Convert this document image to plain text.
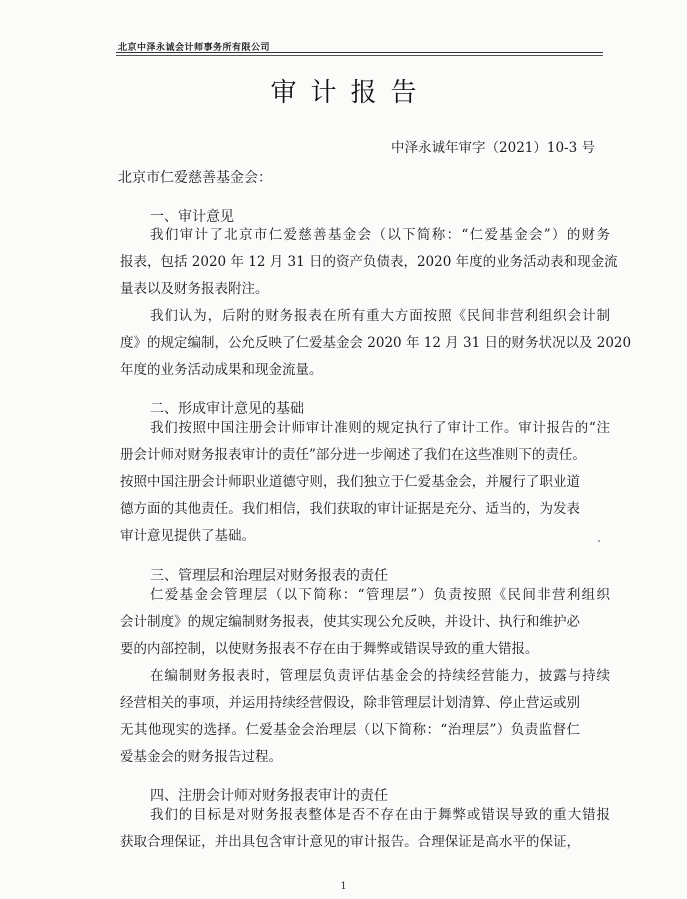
北京中泽永诚会计师事务所有限公司
审计报告
中泽永诚年审字（2021）10-3 号
北京市仁爱慈善基金会：
一、审计意见
我们审计了北京市仁爱慈善基金会（以下简称：“仁爱基金会”）的财务
报表，包括 2020 年 12 月 31 日的资产负债表，2020 年度的业务活动表和现金流
量表以及财务报表附注。
我们认为，后附的财务报表在所有重大方面按照《民间非营利组织会计制
度》的规定编制，公允反映了仁爱基金会 2020 年 12 月 31 日的财务状况以及 2020
年度的业务活动成果和现金流量。
二、形成审计意见的基础
我们按照中国注册会计师审计准则的规定执行了审计工作。审计报告的“注
册会计师对财务报表审计的责任”部分进一步阐述了我们在这些准则下的责任。
按照中国注册会计师职业道德守则，我们独立于仁爱基金会，并履行了职业道
德方面的其他责任。我们相信，我们获取的审计证据是充分、适当的，为发表
审计意见提供了基础。
三、管理层和治理层对财务报表的责任
仁爱基金会管理层（以下简称：“管理层”）负责按照《民间非营利组织
会计制度》的规定编制财务报表，使其实现公允反映，并设计、执行和维护必
要的内部控制，以使财务报表不存在由于舞弊或错误导致的重大错报。
在编制财务报表时，管理层负责评估基金会的持续经营能力，披露与持续
经营相关的事项，并运用持续经营假设，除非管理层计划清算、停止营运或别
无其他现实的选择。仁爱基金会治理层（以下简称：“治理层”）负责监督仁
爱基金会的财务报告过程。
四、注册会计师对财务报表审计的责任
我们的目标是对财务报表整体是否不存在由于舞弊或错误导致的重大错报
获取合理保证，并出具包含审计意见的审计报告。合理保证是高水平的保证，
1
